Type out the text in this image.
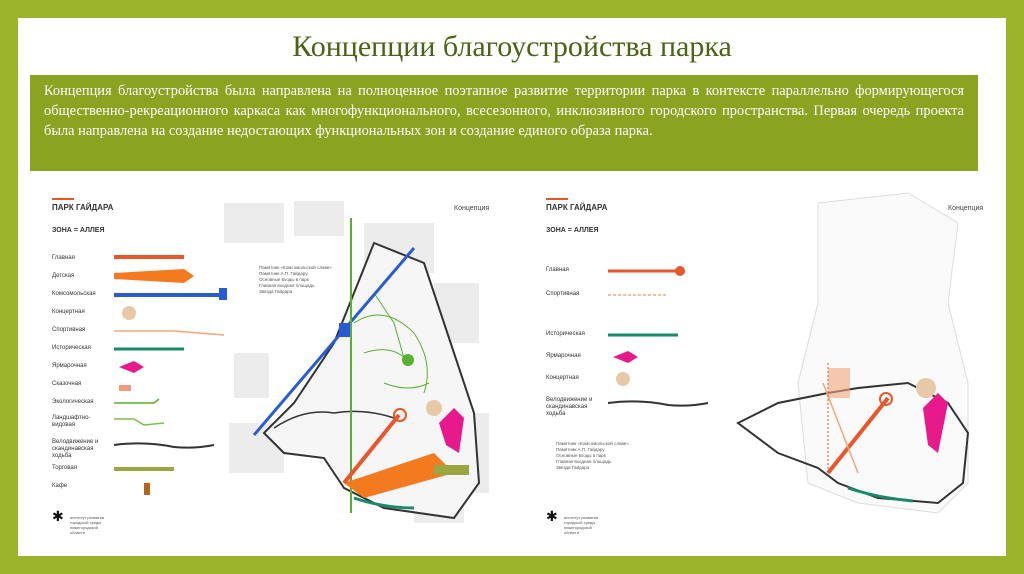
Концепции благоустройства парка
Концепция благоустройства была направлена на полноценное поэтапное развитие территории парка в контексте параллельно формирующегося общественно-рекреационного каркаса как многофункционального, всесезонного, инклюзивного городского пространства. Первая очередь проекта была направлена на создание недостающих функциональных зон и создание единого образа парка.
ПАРК ГАЙДАРА
ЗОНА = АЛЛЕЯ
Концепция
Главная
Детская
Комсомольская
Концертная
Спортивная
Историческая
Ярмарочная
Сказочная
Экологическая
Ландшафтно-видовая
Велодвижение и скандинавская ходьба
Торговая
Кафе
✱
Памятник «Комсомольской славе»
Памятник А.П. Гайдару
Основные входы в парк
Главная входная площадь
Звезда Гайдара
институт развития городской среды нижегородской области
ПАРК ГАЙДАРА
ЗОНА = АЛЛЕЯ
Концепция
Главная
Спортивная
Историческая
Ярмарочная
Концертная
Велодвижение и скандинавская ходьба
✱
Памятник «Комсомольской славе»
Памятник А.П. Гайдару
Основные входы в парк
Главная входная площадь
Звезда Гайдара
институт развития городской среды нижегородской области
